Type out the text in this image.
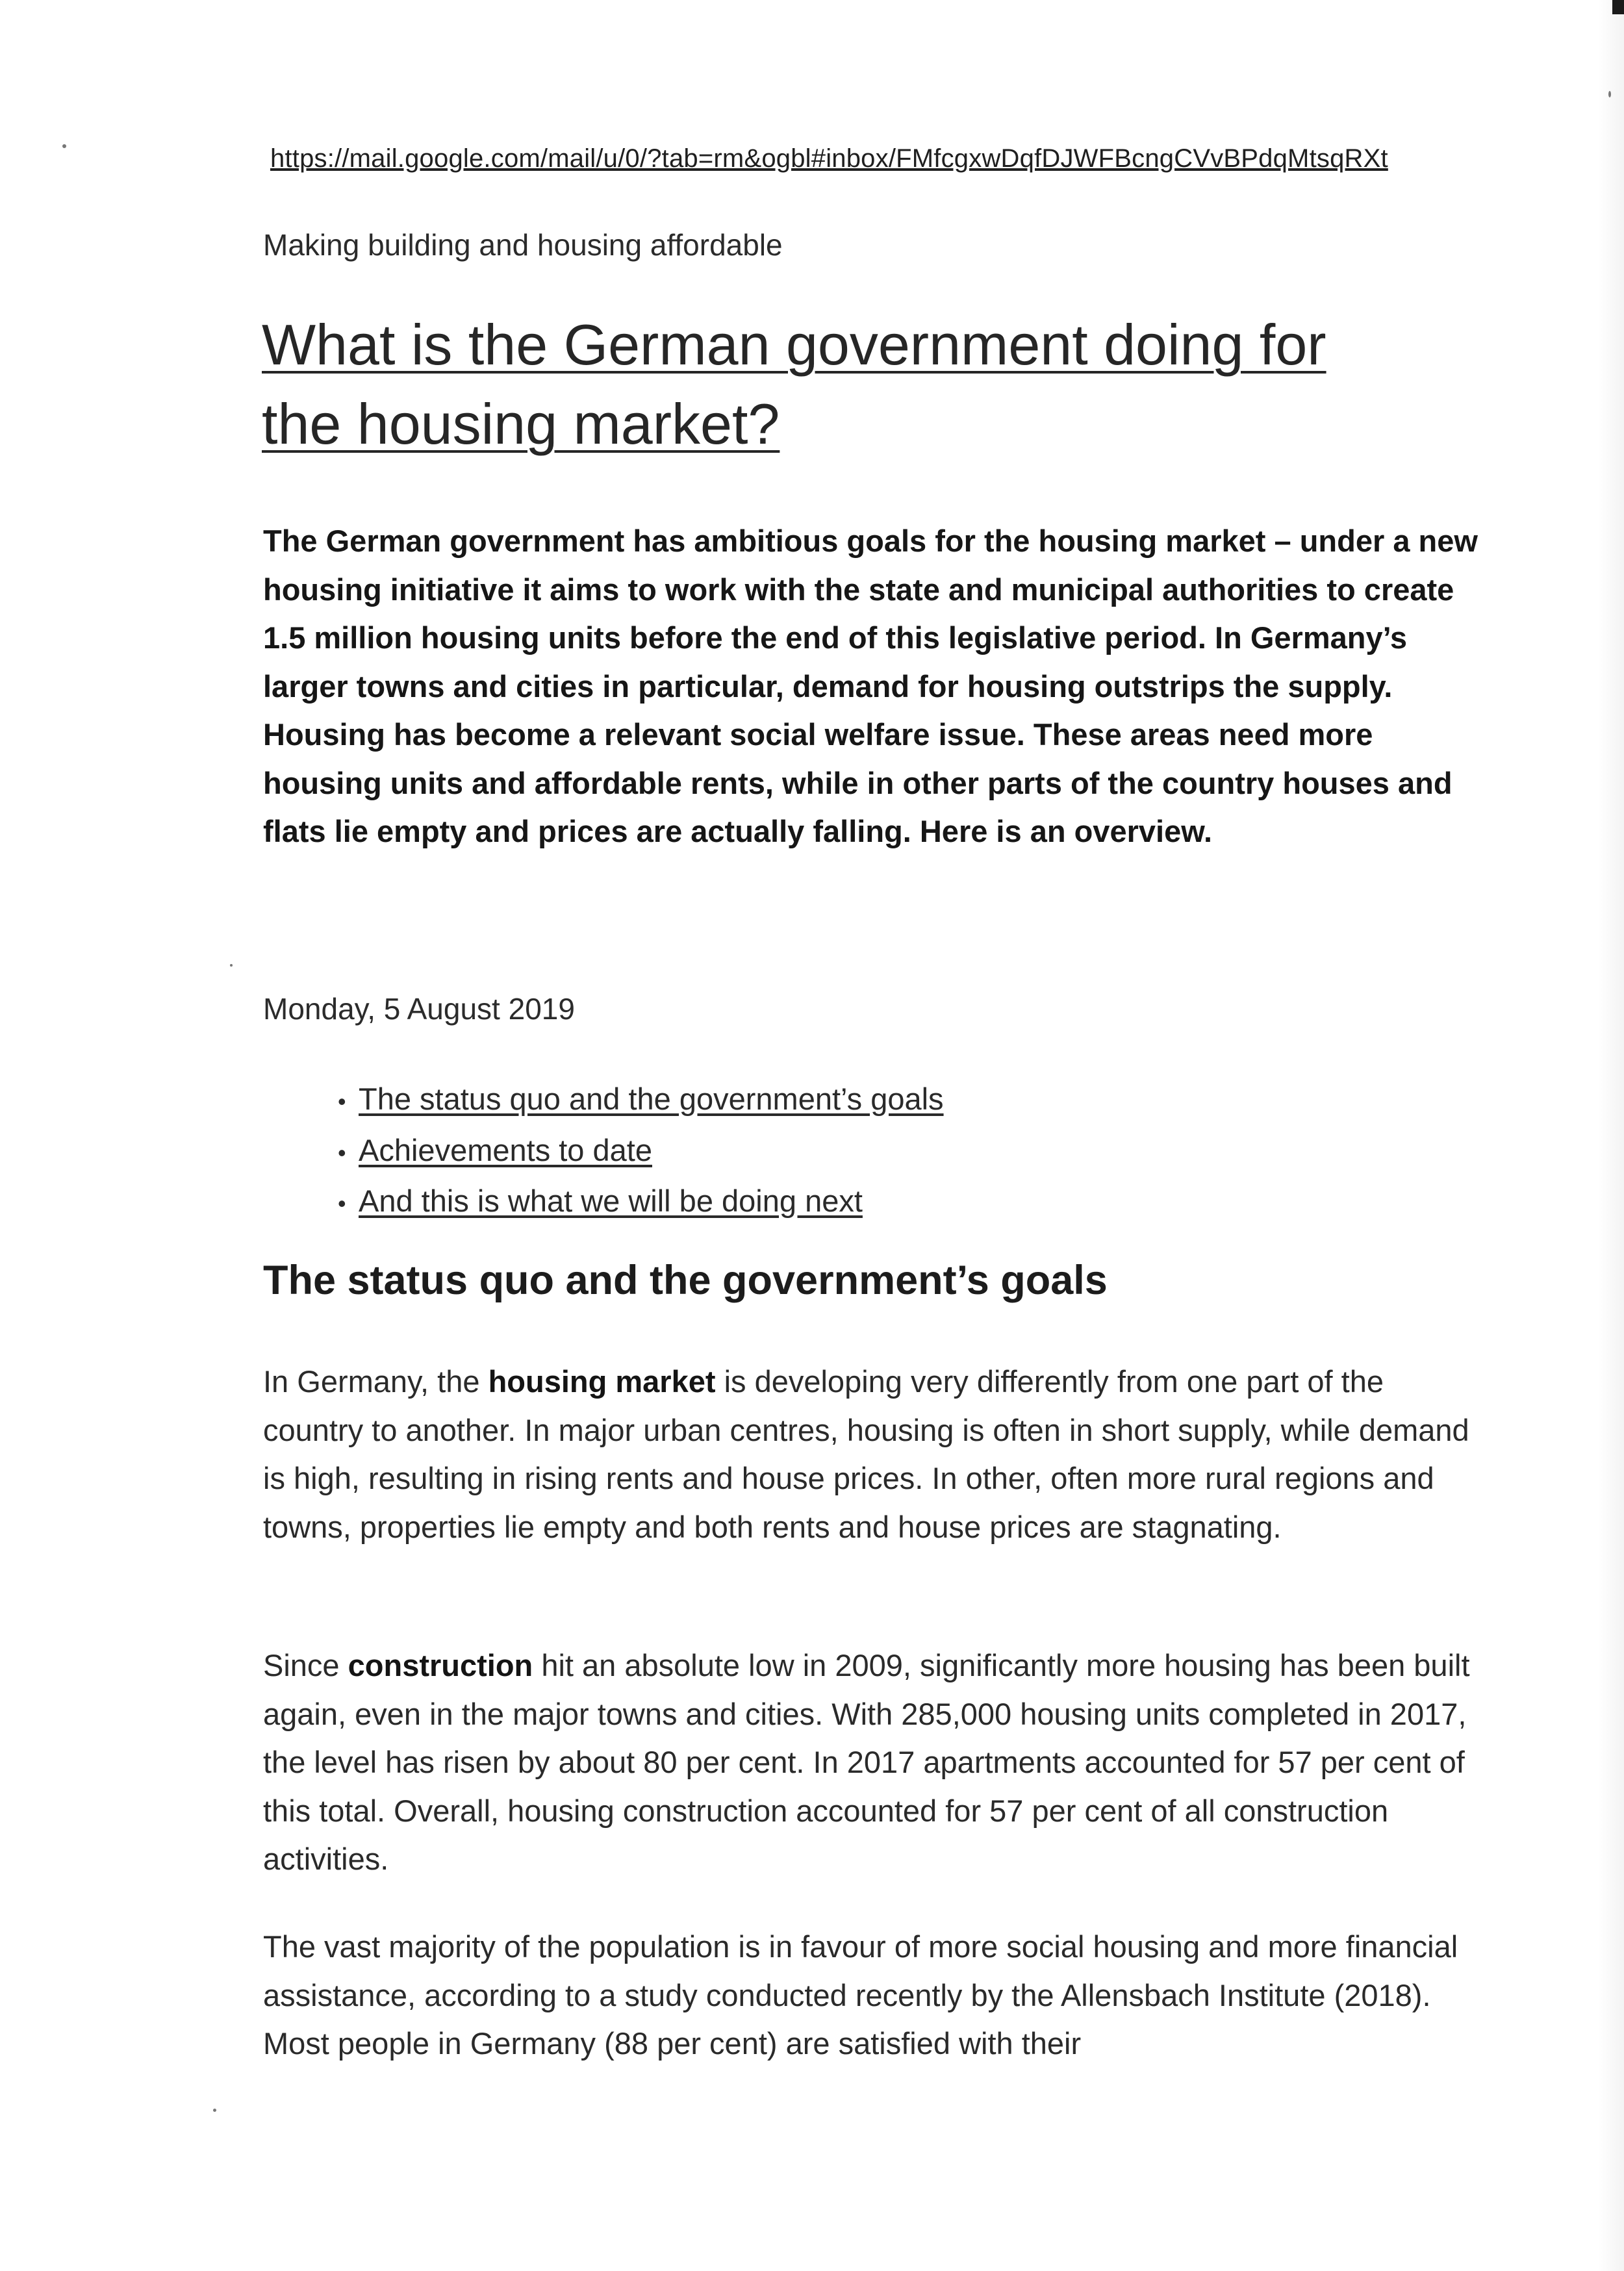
https://mail.google.com/mail/u/0/?tab=rm&ogbl#inbox/FMfcgxwDqfDJWFBcngCVvBPdqMtsqRXt
Making building and housing affordable
What is the German government doing for
the housing market?

The German government has ambitious goals for the housing market – under a new housing initiative it aims to work with the state and municipal authorities to create 1.5 million housing units before the end of this legislative period. In Germany’s larger towns and cities in particular, demand for housing outstrips the supply. Housing has become a relevant social welfare issue. These areas need more housing units and affordable rents, while in other parts of the country houses and flats lie empty and prices are actually falling. Here is an overview.

Monday, 5 August 2019
• The status quo and the government’s goals
• Achievements to date
• And this is what we will be doing next
The status quo and the government’s goals

In Germany, the housing market is developing very differently from one part of the country to another. In major urban centres, housing is often in short supply, while demand is high, resulting in rising rents and house prices. In other, often more rural regions and towns, properties lie empty and both rents and house prices are stagnating.

Since construction hit an absolute low in 2009, significantly more housing has been built again, even in the major towns and cities. With 285,000 housing units completed in 2017, the level has risen by about 80 per cent. In 2017 apartments accounted for 57 per cent of this total. Overall, housing construction accounted for 57 per cent of all construction activities.

The vast majority of the population is in favour of more social housing and more financial assistance, according to a study conducted recently by the Allensbach Institute (2018). Most people in Germany (88 per cent) are satisfied with their
